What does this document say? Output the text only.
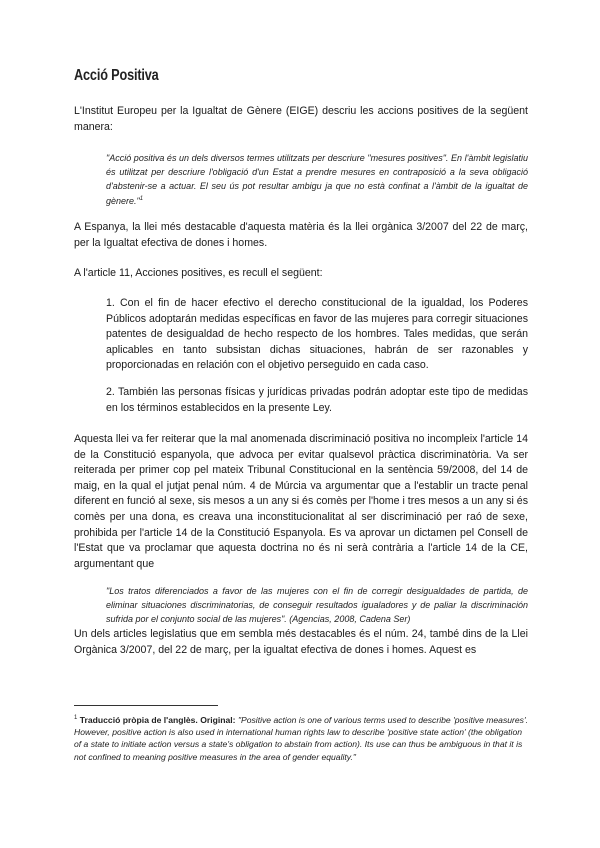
Acció Positiva

L'Institut Europeu per la Igualtat de Gènere (EIGE) descriu les accions positives de la següent manera:

"Acció positiva és un dels diversos termes utilitzats per descriure "mesures positives". En l'àmbit legislatiu és utilitzat per descriure l'obligació d'un Estat a prendre mesures en contraposició a la seva obligació d'abstenir-se a actuar. El seu ús pot resultar ambigu ja que no està confinat a l'àmbit de la igualtat de gènere."$^1$

A Espanya, la llei més destacable d'aquesta matèria és la llei orgànica 3/2007 del 22 de març, per la Igualtat efectiva de dones i homes.

A l'article 11, Acciones positives, es recull el següent:

1. Con el fin de hacer efectivo el derecho constitucional de la igualdad, los Poderes Públicos adoptarán medidas específicas en favor de las mujeres para corregir situaciones patentes de desigualdad de hecho respecto de los hombres. Tales medidas, que serán aplicables en tanto subsistan dichas situaciones, habrán de ser razonables y proporcionadas en relación con el objetivo perseguido en cada caso.

2. También las personas físicas y jurídicas privadas podrán adoptar este tipo de medidas en los términos establecidos en la presente Ley.

Aquesta llei va fer reiterar que la mal anomenada discriminació positiva no incompleix l'article 14 de la Constitució espanyola, que advoca per evitar qualsevol pràctica discriminatòria. Va ser reiterada per primer cop pel mateix Tribunal Constitucional en la sentència 59/2008, del 14 de maig, en la qual el jutjat penal núm. 4 de Múrcia va argumentar que a l'establir un tracte penal diferent en funció al sexe, sis mesos a un any si és comès per l'home i tres mesos a un any si és comès per una dona, es creava una inconstitucionalitat al ser discriminació per raó de sexe, prohibida per l'article 14 de la Constitució Espanyola. Es va aprovar un dictamen pel Consell de l'Estat que va proclamar que aquesta doctrina no és ni serà contrària a l'article 14 de la CE, argumentant que

"Los tratos diferenciados a favor de las mujeres con el fin de corregir desigualdades de partida, de eliminar situaciones discriminatorias, de conseguir resultados igualadores y de paliar la discriminación sufrida por el conjunto social de las mujeres". (Agencias, 2008, Cadena Ser)

Un dels articles legislatius que em sembla més destacables és el núm. 24, també dins de la Llei Orgànica 3/2007, del 22 de març, per la igualtat efectiva de dones i homes. Aquest es

$^1$ Traducció pròpia de l'anglès. Original: "Positive action is one of various terms used to describe 'positive measures'. However, positive action is also used in international human rights law to describe 'positive state action' (the obligation of a state to initiate action versus a state's obligation to abstain from action). Its use can thus be ambiguous in that it is not confined to meaning positive measures in the area of gender equality."
